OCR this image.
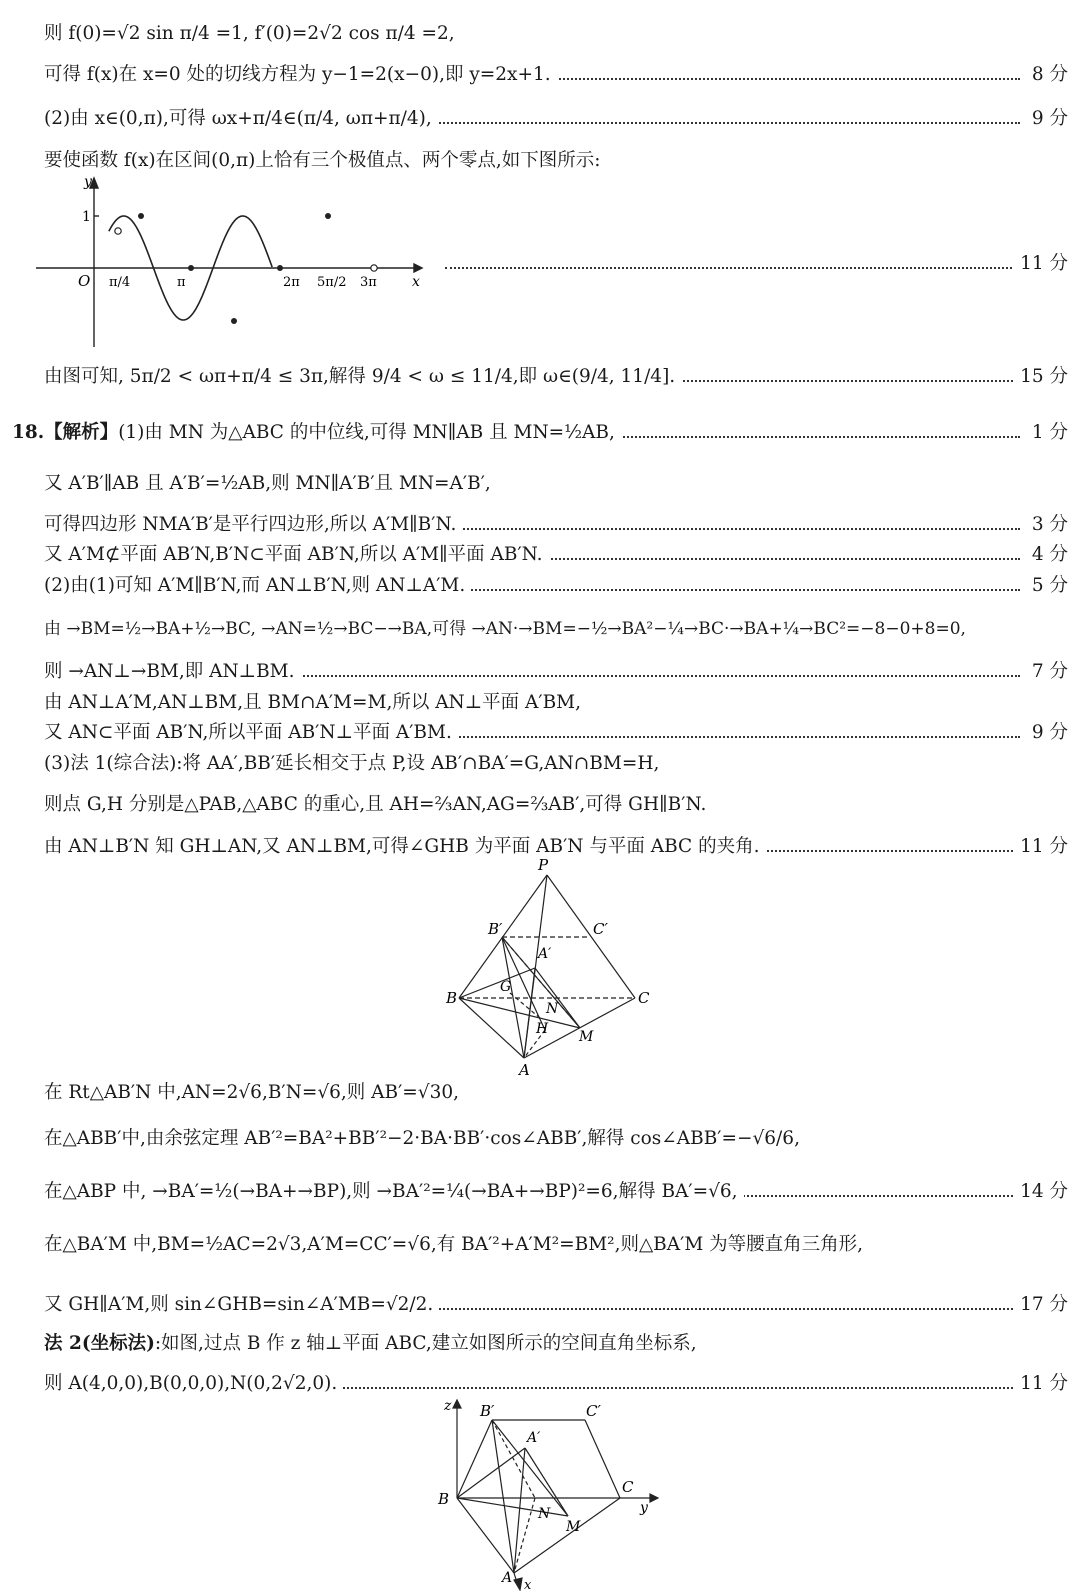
则 f(0)=√2 sin π/4 =1, f′(0)=2√2 cos π/4 =2,
可得 f(x)在 x=0 处的切线方程为 y−1=2(x−0),即 y=2x+1.	8 分
(2)由 x∈(0,π),可得 ωx+π/4∈(π/4, ωπ+π/4),	9 分
要使函数 f(x)在区间(0,π)上恰有三个极值点、两个零点,如下图所示:
y
x
O
1
π/4	π	2π 5π/2 3π
11 分
由图可知, 5π/2 < ωπ+π/4 ≤ 3π,解得 9/4 < ω ≤ 11/4,即 ω∈(9/4, 11/4].	15 分
18.【解析】(1)由 MN 为△ABC 的中位线,可得 MN∥AB 且 MN=½AB,	1 分
又 A′B′∥AB 且 A′B′=½AB,则 MN∥A′B′且 MN=A′B′,
可得四边形 NMA′B′是平行四边形,所以 A′M∥B′N.	3 分
又 A′M⊄平面 AB′N,B′N⊂平面 AB′N,所以 A′M∥平面 AB′N.	4 分
(2)由(1)可知 A′M∥B′N,而 AN⊥B′N,则 AN⊥A′M.	5 分
由 →BM=½→BA+½→BC, →AN=½→BC−→BA,可得 →AN·→BM=−½→BA²−¼→BC·→BA+¼→BC²=−8−0+8=0,
则 →AN⊥→BM,即 AN⊥BM.	7 分
由 AN⊥A′M,AN⊥BM,且 BM∩A′M=M,所以 AN⊥平面 A′BM,
又 AN⊂平面 AB′N,所以平面 AB′N⊥平面 A′BM.	9 分
(3)法 1(综合法):将 AA′,BB′延长相交于点 P,设 AB′∩BA′=G,AN∩BM=H,
则点 G,H 分别是△PAB,△ABC 的重心,且 AH=⅔AN,AG=⅔AB′,可得 GH∥B′N.
由 AN⊥B′N 知 GH⊥AN,又 AN⊥BM,可得∠GHB 为平面 AB′N 与平面 ABC 的夹角.	11 分
P
B′	C′
A′
B	C
G
N
H M
A
在 Rt△AB′N 中,AN=2√6,B′N=√6,则 AB′=√30,
在△ABB′中,由余弦定理 AB′²=BA²+BB′²−2·BA·BB′·cos∠ABB′,解得 cos∠ABB′=−√6/6,
在△ABP 中, →BA′=½(→BA+→BP),则 →BA′²=¼(→BA+→BP)²=6,解得 BA′=√6,	14 分
在△BA′M 中,BM=½AC=2√3,A′M=CC′=√6,有 BA′²+A′M²=BM²,则△BA′M 为等腰直角三角形,
又 GH∥A′M,则 sin∠GHB=sin∠A′MB=√2/2.	17 分
法 2(坐标法):如图,过点 B 作 z 轴⊥平面 ABC,建立如图所示的空间直角坐标系,
则 A(4,0,0),B(0,0,0),N(0,2√2,0).	11 分
z B′	C′
A′
B
C
N
M
A
y
x
